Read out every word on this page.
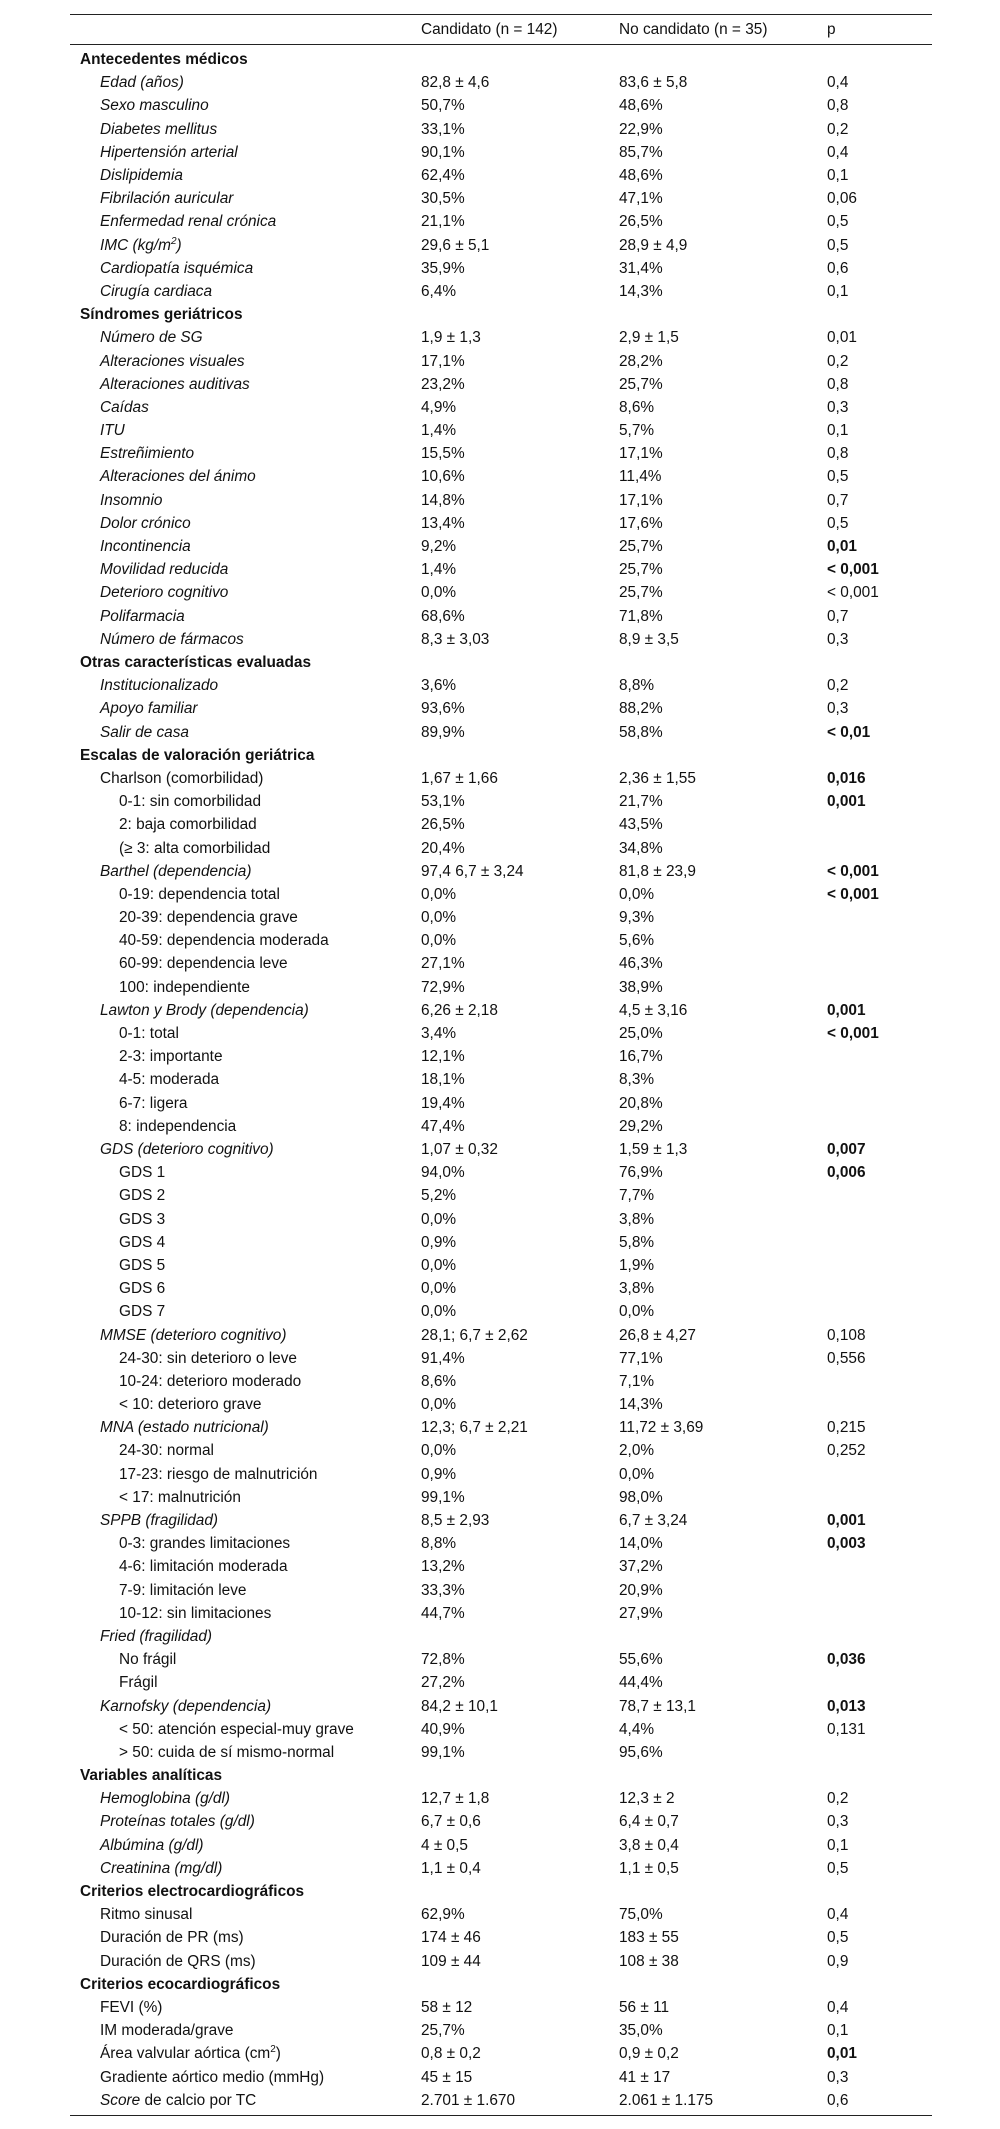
Candidato (n = 142)	No candidato (n = 35)	p
Antecedentes médicos
Edad (años)	82,8 ± 4,6	83,6 ± 5,8	0,4
Sexo masculino	50,7%	48,6%	0,8
Diabetes mellitus	33,1%	22,9%	0,2
Hipertensión arterial	90,1%	85,7%	0,4
Dislipidemia	62,4%	48,6%	0,1
Fibrilación auricular	30,5%	47,1%	0,06
Enfermedad renal crónica	21,1%	26,5%	0,5
IMC $(kg/m^2)$	29,6 ± 5,1	28,9 ± 4,9	0,5
Cardiopatía isquémica	35,9%	31,4%	0,6
Cirugía cardiaca	6,4%	14,3%	0,1
Síndromes geriátricos
Número de SG	1,9 ± 1,3	2,9 ± 1,5	0,01
Alteraciones visuales	17,1%	28,2%	0,2
Alteraciones auditivas	23,2%	25,7%	0,8
Caídas	4,9%	8,6%	0,3
ITU	1,4%	5,7%	0,1
Estreñimiento	15,5%	17,1%	0,8
Alteraciones del ánimo	10,6%	11,4%	0,5
Insomnio	14,8%	17,1%	0,7
Dolor crónico	13,4%	17,6%	0,5
Incontinencia	9,2%	25,7%	0,01
Movilidad reducida	1,4%	25,7%	< 0,001
Deterioro cognitivo	0,0%	25,7%	< 0,001
Polifarmacia	68,6%	71,8%	0,7
Número de fármacos	8,3 ± 3,03	8,9 ± 3,5	0,3
Otras características evaluadas
Institucionalizado	3,6%	8,8%	0,2
Apoyo familiar	93,6%	88,2%	0,3
Salir de casa	89,9%	58,8%	< 0,01
Escalas de valoración geriátrica
Charlson (comorbilidad)	1,67 ± 1,66	2,36 ± 1,55	0,016
0-1: sin comorbilidad	53,1%	21,7%	0,001
2: baja comorbilidad	26,5%	43,5%
(≥ 3: alta comorbilidad	20,4%	34,8%
Barthel (dependencia)	97,4 6,7 ± 3,24	81,8 ± 23,9	< 0,001
0-19: dependencia total	0,0%	0,0%	< 0,001
20-39: dependencia grave	0,0%	9,3%
40-59: dependencia moderada	0,0%	5,6%
60-99: dependencia leve	27,1%	46,3%
100: independiente	72,9%	38,9%
Lawton y Brody (dependencia)	6,26 ± 2,18	4,5 ± 3,16	0,001
0-1: total	3,4%	25,0%	< 0,001
2-3: importante	12,1%	16,7%
4-5: moderada	18,1%	8,3%
6-7: ligera	19,4%	20,8%
8: independencia	47,4%	29,2%
GDS (deterioro cognitivo)	1,07 ± 0,32	1,59 ± 1,3	0,007
GDS 1	94,0%	76,9%	0,006
GDS 2	5,2%	7,7%
GDS 3	0,0%	3,8%
GDS 4	0,9%	5,8%
GDS 5	0,0%	1,9%
GDS 6	0,0%	3,8%
GDS 7	0,0%	0,0%
MMSE (deterioro cognitivo)	28,1; 6,7 ± 2,62	26,8 ± 4,27	0,108
24-30: sin deterioro o leve	91,4%	77,1%	0,556
10-24: deterioro moderado	8,6%	7,1%
< 10: deterioro grave	0,0%	14,3%
MNA (estado nutricional)	12,3; 6,7 ± 2,21	11,72 ± 3,69	0,215
24-30: normal	0,0%	2,0%	0,252
17-23: riesgo de malnutrición	0,9%	0,0%
< 17: malnutrición	99,1%	98,0%
SPPB (fragilidad)	8,5 ± 2,93	6,7 ± 3,24	0,001
0-3: grandes limitaciones	8,8%	14,0%	0,003
4-6: limitación moderada	13,2%	37,2%
7-9: limitación leve	33,3%	20,9%
10-12: sin limitaciones	44,7%	27,9%
Fried (fragilidad)
No frágil	72,8%	55,6%	0,036
Frágil	27,2%	44,4%
Karnofsky (dependencia)	84,2 ± 10,1	78,7 ± 13,1	0,013
< 50: atención especial-muy grave	40,9%	4,4%	0,131
> 50: cuida de sí mismo-normal	99,1%	95,6%
Variables analíticas
Hemoglobina (g/dl)	12,7 ± 1,8	12,3 ± 2	0,2
Proteínas totales (g/dl)	6,7 ± 0,6	6,4 ± 0,7	0,3
Albúmina (g/dl)	4 ± 0,5	3,8 ± 0,4	0,1
Creatinina (mg/dl)	1,1 ± 0,4	1,1 ± 0,5	0,5
Criterios electrocardiográficos
Ritmo sinusal	62,9%	75,0%	0,4
Duración de PR (ms)	174 ± 46	183 ± 55	0,5
Duración de QRS (ms)	109 ± 44	108 ± 38	0,9
Criterios ecocardiográficos
FEVI (%)	58 ± 12	56 ± 11	0,4
IM moderada/grave	25,7%	35,0%	0,1
Área valvular aórtica $(cm^2)$	0,8 ± 0,2	0,9 ± 0,2	0,01
Gradiente aórtico medio (mmHg)	45 ± 15	41 ± 17	0,3
Score de calcio por TC	2.701 ± 1.670	2.061 ± 1.175	0,6
